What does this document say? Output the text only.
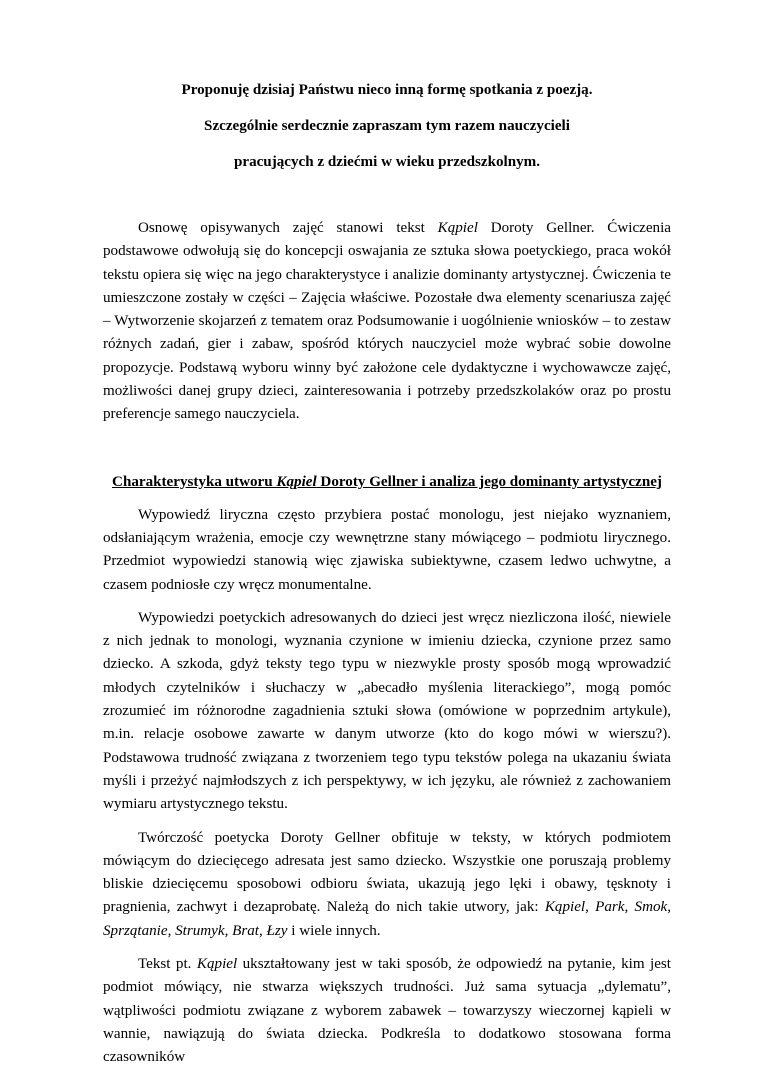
Proponuję dzisiaj Państwu nieco inną formę spotkania z poezją.

Szczególnie serdecznie zapraszam tym razem nauczycieli

pracujących z dziećmi w wieku przedszkolnym.

Osnowę opisywanych zajęć stanowi tekst Kąpiel Doroty Gellner. Ćwiczenia podstawowe odwołują się do koncepcji oswajania ze sztuka słowa poetyckiego, praca wokół tekstu opiera się więc na jego charakterystyce i analizie dominanty artystycznej. Ćwiczenia te umieszczone zostały w części – Zajęcia właściwe. Pozostałe dwa elementy scenariusza zajęć – Wytworzenie skojarzeń z tematem oraz Podsumowanie i uogólnienie wniosków – to zestaw różnych zadań, gier i zabaw, spośród których nauczyciel może wybrać sobie dowolne propozycje. Podstawą wyboru winny być założone cele dydaktyczne i wychowawcze zajęć, możliwości danej grupy dzieci, zainteresowania i potrzeby przedszkolaków oraz po prostu preferencje samego nauczyciela.

Charakterystyka utworu Kąpiel Doroty Gellner i analiza jego dominanty artystycznej

Wypowiedź liryczna często przybiera postać monologu, jest niejako wyznaniem, odsłaniającym wrażenia, emocje czy wewnętrzne stany mówiącego – podmiotu lirycznego. Przedmiot wypowiedzi stanowią więc zjawiska subiektywne, czasem ledwo uchwytne, a czasem podniosłe czy wręcz monumentalne.

Wypowiedzi poetyckich adresowanych do dzieci jest wręcz niezliczona ilość, niewiele z nich jednak to monologi, wyznania czynione w imieniu dziecka, czynione przez samo dziecko. A szkoda, gdyż teksty tego typu w niezwykle prosty sposób mogą wprowadzić młodych czytelników i słuchaczy w „abecadło myślenia literackiego”, mogą pomóc zrozumieć im różnorodne zagadnienia sztuki słowa (omówione w poprzednim artykule), m.in. relacje osobowe zawarte w danym utworze (kto do kogo mówi w wierszu?). Podstawowa trudność związana z tworzeniem tego typu tekstów polega na ukazaniu świata myśli i przeżyć najmłodszych z ich perspektywy, w ich języku, ale również z zachowaniem wymiaru artystycznego tekstu.

Twórczość poetycka Doroty Gellner obfituje w teksty, w których podmiotem mówiącym do dziecięcego adresata jest samo dziecko. Wszystkie one poruszają problemy bliskie dziecięcemu sposobowi odbioru świata, ukazują jego lęki i obawy, tęsknoty i pragnienia, zachwyt i dezaprobatę. Należą do nich takie utwory, jak: Kąpiel, Park, Smok, Sprzątanie, Strumyk, Brat, Łzy i wiele innych.

Tekst pt. Kąpiel ukształtowany jest w taki sposób, że odpowiedź na pytanie, kim jest podmiot mówiący, nie stwarza większych trudności. Już sama sytuacja „dylematu”, wątpliwości podmiotu związane z wyborem zabawek – towarzyszy wieczornej kąpieli w wannie, nawiązują do świata dziecka. Podkreśla to dodatkowo stosowana forma czasowników
